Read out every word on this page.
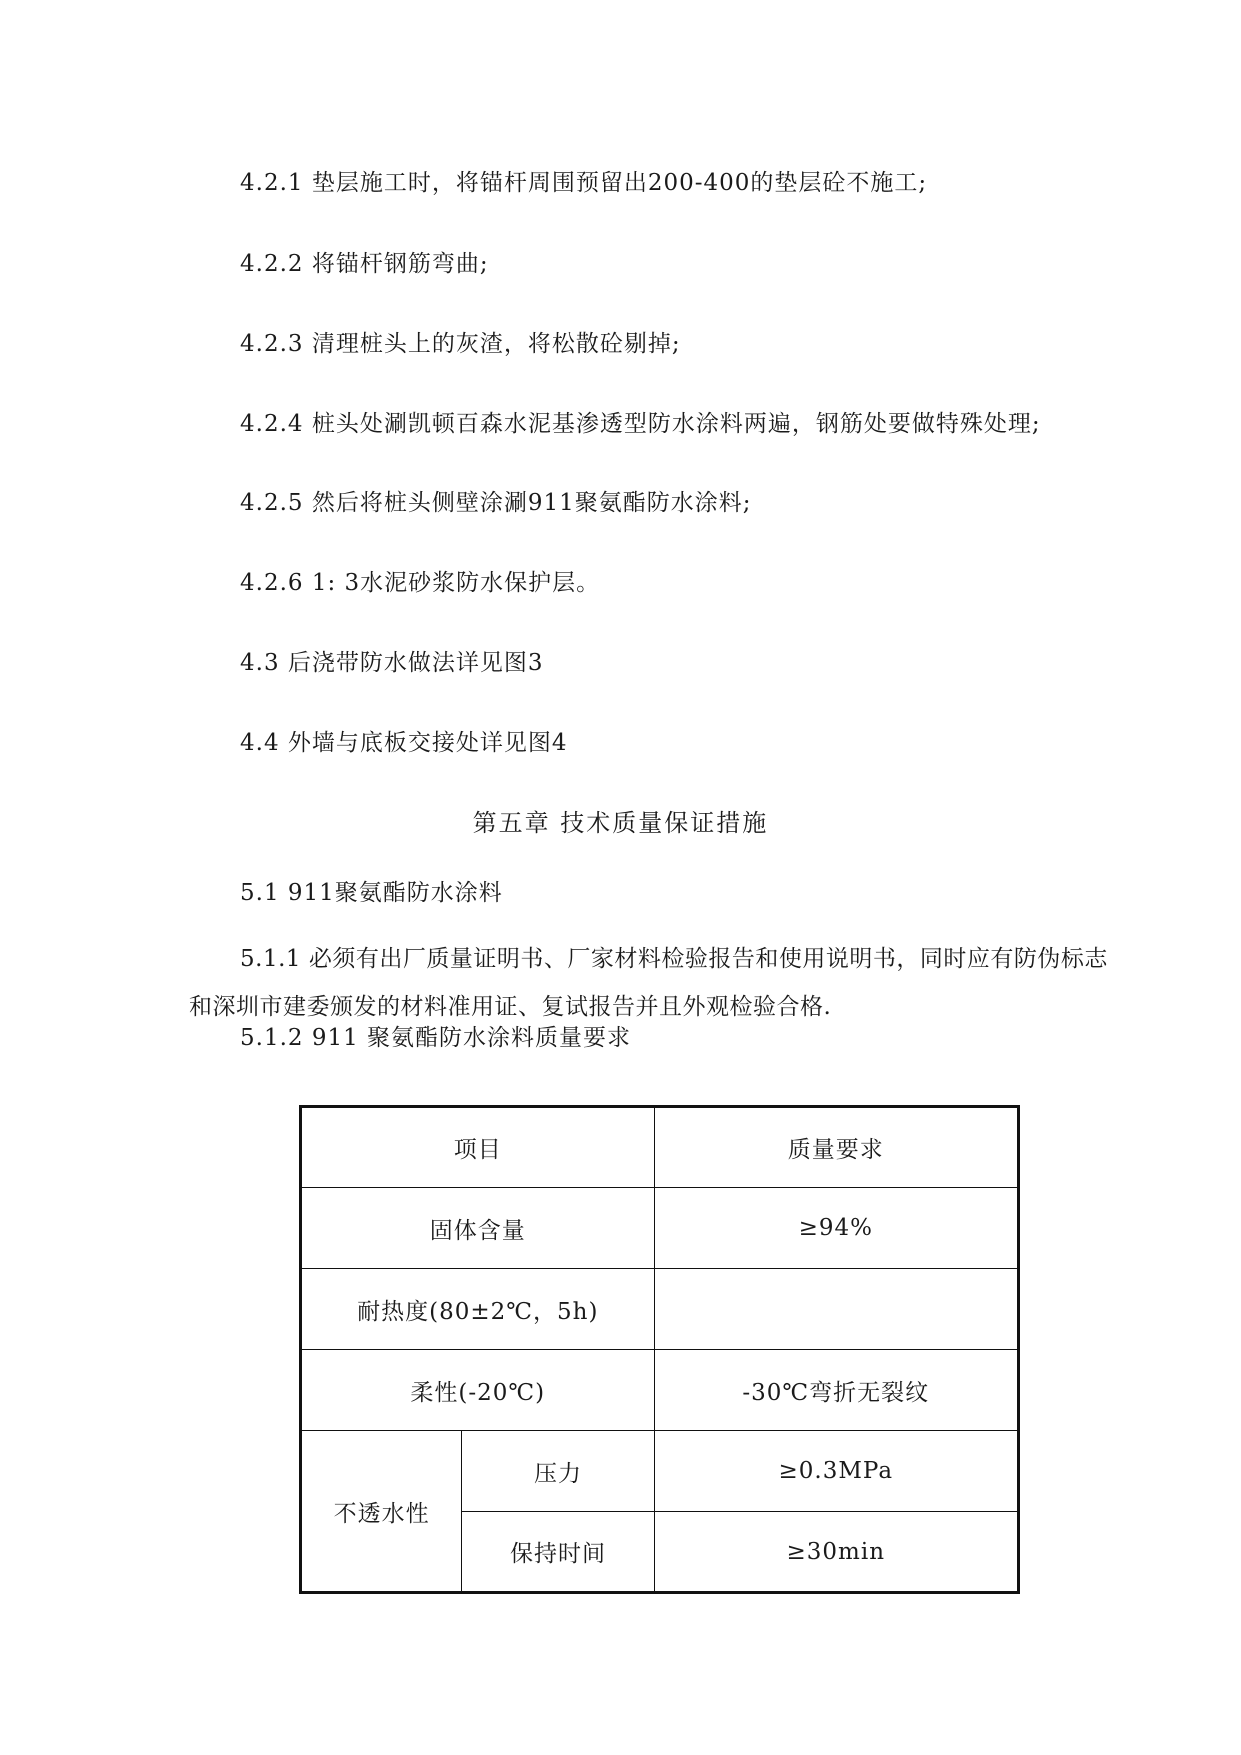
4.2.1 垫层施工时，将锚杆周围预留出200-400的垫层砼不施工;

4.2.2 将锚杆钢筋弯曲;

4.2.3 清理桩头上的灰渣，将松散砼剔掉;

4.2.4 桩头处涮凯顿百森水泥基渗透型防水涂料两遍，钢筋处要做特殊处理;

4.2.5 然后将桩头侧壁涂涮911聚氨酯防水涂料;

4.2.6 1: 3水泥砂浆防水保护层。

4.3 后浇带防水做法详见图3

4.4 外墙与底板交接处详见图4

第五章 技术质量保证措施

5.1 911聚氨酯防水涂料

5.1.1 必须有出厂质量证明书、厂家材料检验报告和使用说明书，同时应有防伪标志和深圳市建委颁发的材料准用证、复试报告并且外观检验合格.

5.1.2 911 聚氨酯防水涂料质量要求

项目		质量要求
固体含量		≥94%
耐热度(80±2℃，5h)		
柔性(-20℃)		-30℃弯折无裂纹
不透水性	压力	≥0.3MPa
	保持时间	≥30min
